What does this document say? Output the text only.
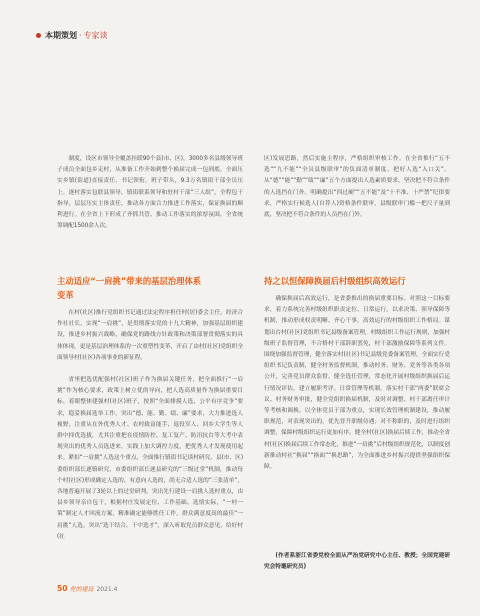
本期策划 · 专家谈

制度，设区市领导全覆盖挂联90个县(市、区)，3000多名县级领导班子成员全面包乡走村，从准备工作开始到整个换届完成一包到底。全面压实乡镇(街道)直接责任，书记领衔，班子带头，9.3万名镇街干部全员压上。逐村落实包联县领导、镇街联系领导和驻村干部“三人组”，全程包干指导，层层压实主体责任，推动各方面合力推进工作落实，保证换届的顺利进行。在全省上下形成了齐抓共管、推动工作落实的浓厚氛围，全省统筹调配1500余人次。

主动适应“一肩挑”带来的基层治理体系
变革

在村(社区)推行党组织书记通过法定程序担任村(居)委会主任，经济合作社社长，实现“一肩挑”，是贯彻落实党的十九大精神，加强基层组织建设，推进乡村振兴战略，确保党的路线方针政策和决策部署贯彻落实的具体体现，更是基层治理体系的一次重塑性变革，开启了由村(社区)党组织全面领导村(社区)各项事业的新征程。

省里把选优配强村(社区)班子作为换届关键任务，把全面推行“一肩挑”作为核心要求，政策上树立优的导向，把人选高质量作为换届重要目标。着眼整体建强村(社区)班子，按照“全面排摸人选、公平有序竞争”要求，稳妥换届选举工作。突出“德、能、勤、绩、廉”要求，大力推进选人视野，注重从在外优秀人才、农村致富能手、退役军人、回乡大学生等人群中择优选拔，尤其注重把在疫情防控、复工复产、防汛抗台等大考中表现突出的优秀人员选进来。实践上加大调控力度，把优秀人才发现使用起来。紧扣“一肩挑”人选这个重点，全面推行镇街书记谈村研究、县(市、区)委组织部长逐镇研究、市委组织部长逐县研究的“三级过堂”机制，推动每个村(社区)形成确定人选的、有意向人选的，尚无合适人选的“三张清单”，各地普遍开展了3轮以上的过堂研判。突出先行建设一肩挑人选村重点，由县乡领导亲自包干，根据村庄发展定位、工作基础、选情实际，“一村一策”制定人才回流方案，精准确定能够胜任工作，群众满意度高的最佳“一肩挑”人选。突出“选干结合、干中选才”，深入听取党员群众意见，给好村(社

区)发展思路，然后实施主程序，严格组织审核工作。在全省推行“五不选”“九不能”“全员县级联审”的负面清单制度，把好人选“入口关”。从“德”“能”“勤”“绩”“廉”五个方面提出人选素质要求，坚决把不符合条件的人选挡在门外。明确提出“四过硬”“五不能”及“十不准、十严禁”纪律要求，严格实行候选人(自荐人)资格条件联审，县级联审门槛一把尺子量到底，坚决把不符合条件的人员挡在门外。

持之以恒保障换届后村级组织高效运行

确保换届后高效运行，是省委推出的换届重要目标。对照这一目标要求，着力系统完善村级组织职责定位、日常运行，以求决策、领导保障等机制，推动形成权责明晰、齐心干事，高效运行的村级组织工作格局。谋划出台村(社区)党组织书记县级备案管理，村级组织工作运行规则，加强村级班子监督管理，不合格村干部辞职罢免，村干部激励保障等系列文件。围绕加强监督管理，健全落实村(社区)书记县级党委备案管理，全面实行党组织书记负责制，健全村务监督机制，推动村务、财务、党务等各类各项公开，完善党员群众监督。健全选任管理，常态化开展村级组织换届后运行情况评估，建立履职考评、日常管理等机制。落实村干部“两委”联席会议、村务财务审批，健全党组织换届机制，及时对调整、村干部离任审计等考核和调换。以全体党员干部为重点，实现长效管理机制建设，推动履职规范，对表现突出的，优先晋升职级待遇；对不称职的，及时进行组织调整，保障村级组织运行更加有序。健全村(社区)换届后续工作，推动全省村(社区)换届后续工作常态化，推进“一肩挑”后村级组织规范化，以制度创新推动村社“换届”“换面”“换思路”，为全面推进乡村振兴提供坚强组织保障。

(作者系浙江省委党校全面从严治党研究中心主任、教授；全国党建研究会特邀研究员)

50 党的建设 2021.4
